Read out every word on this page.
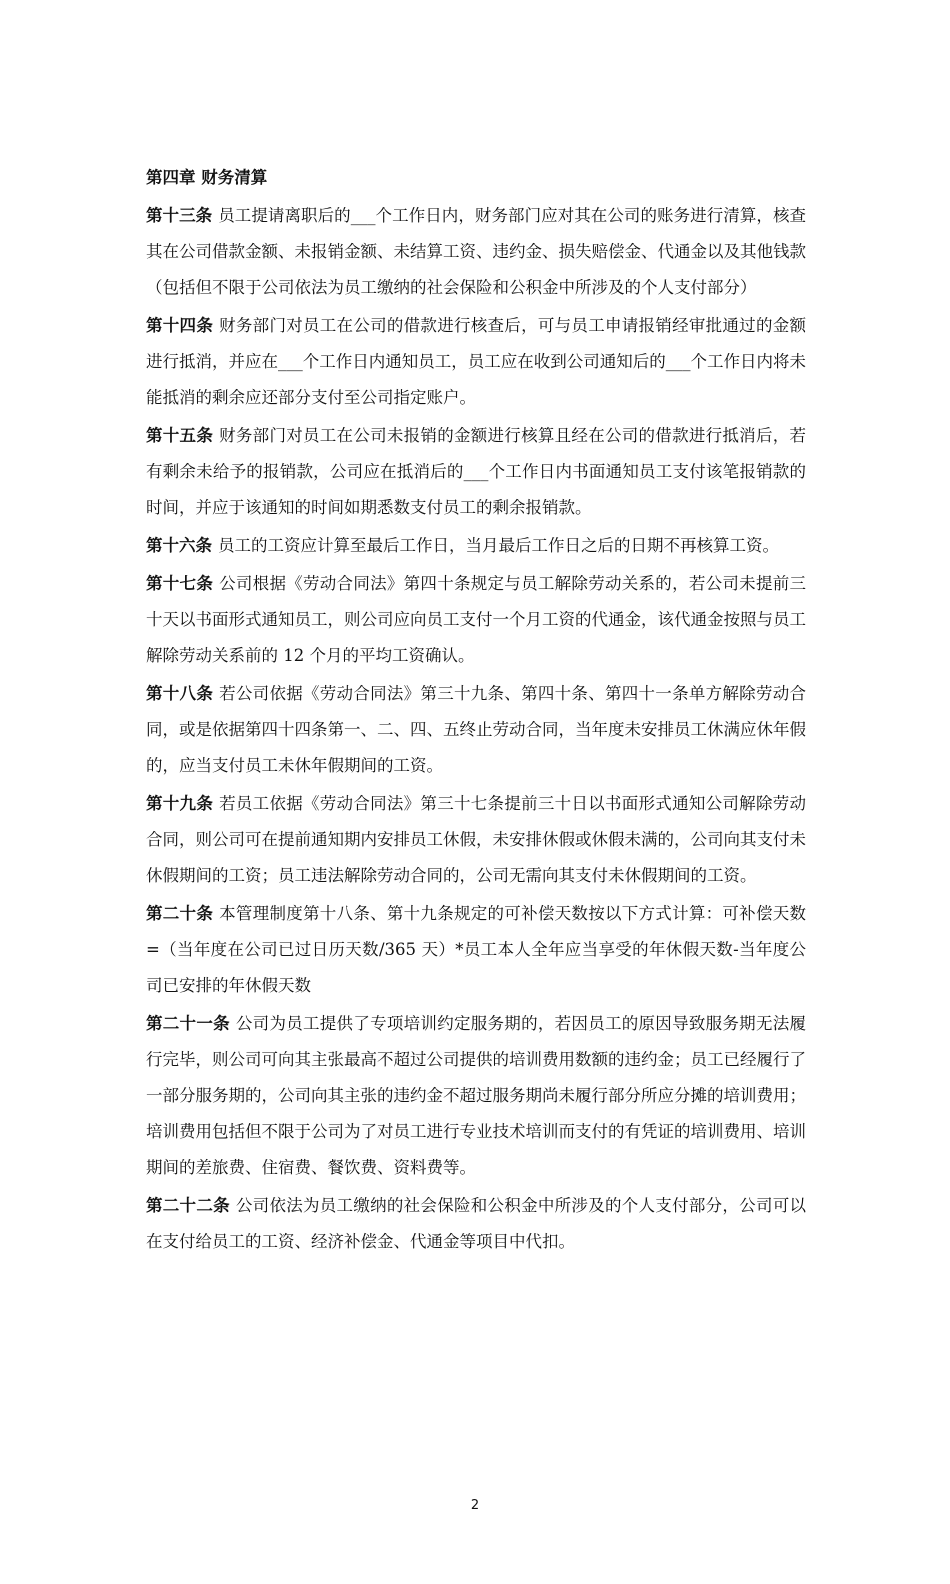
第四章 财务清算
第十三条 员工提请离职后的___个工作日内，财务部门应对其在公司的账务进行清算，核查其在公司借款金额、未报销金额、未结算工资、违约金、损失赔偿金、代通金以及其他钱款（包括但不限于公司依法为员工缴纳的社会保险和公积金中所涉及的个人支付部分）
第十四条 财务部门对员工在公司的借款进行核查后，可与员工申请报销经审批通过的金额进行抵消，并应在___个工作日内通知员工，员工应在收到公司通知后的___个工作日内将未能抵消的剩余应还部分支付至公司指定账户。
第十五条 财务部门对员工在公司未报销的金额进行核算且经在公司的借款进行抵消后，若有剩余未给予的报销款，公司应在抵消后的___个工作日内书面通知员工支付该笔报销款的时间，并应于该通知的时间如期悉数支付员工的剩余报销款。
第十六条 员工的工资应计算至最后工作日，当月最后工作日之后的日期不再核算工资。
第十七条 公司根据《劳动合同法》第四十条规定与员工解除劳动关系的，若公司未提前三十天以书面形式通知员工，则公司应向员工支付一个月工资的代通金，该代通金按照与员工解除劳动关系前的 12 个月的平均工资确认。
第十八条 若公司依据《劳动合同法》第三十九条、第四十条、第四十一条单方解除劳动合同，或是依据第四十四条第一、二、四、五终止劳动合同，当年度未安排员工休满应休年假的，应当支付员工未休年假期间的工资。
第十九条 若员工依据《劳动合同法》第三十七条提前三十日以书面形式通知公司解除劳动合同，则公司可在提前通知期内安排员工休假，未安排休假或休假未满的，公司向其支付未休假期间的工资；员工违法解除劳动合同的，公司无需向其支付未休假期间的工资。
第二十条 本管理制度第十八条、第十九条规定的可补偿天数按以下方式计算：可补偿天数=（当年度在公司已过日历天数/365 天）*员工本人全年应当享受的年休假天数-当年度公司已安排的年休假天数
第二十一条 公司为员工提供了专项培训约定服务期的，若因员工的原因导致服务期无法履行完毕，则公司可向其主张最高不超过公司提供的培训费用数额的违约金；员工已经履行了一部分服务期的，公司向其主张的违约金不超过服务期尚未履行部分所应分摊的培训费用；培训费用包括但不限于公司为了对员工进行专业技术培训而支付的有凭证的培训费用、培训期间的差旅费、住宿费、餐饮费、资料费等。
第二十二条 公司依法为员工缴纳的社会保险和公积金中所涉及的个人支付部分，公司可以在支付给员工的工资、经济补偿金、代通金等项目中代扣。
2
